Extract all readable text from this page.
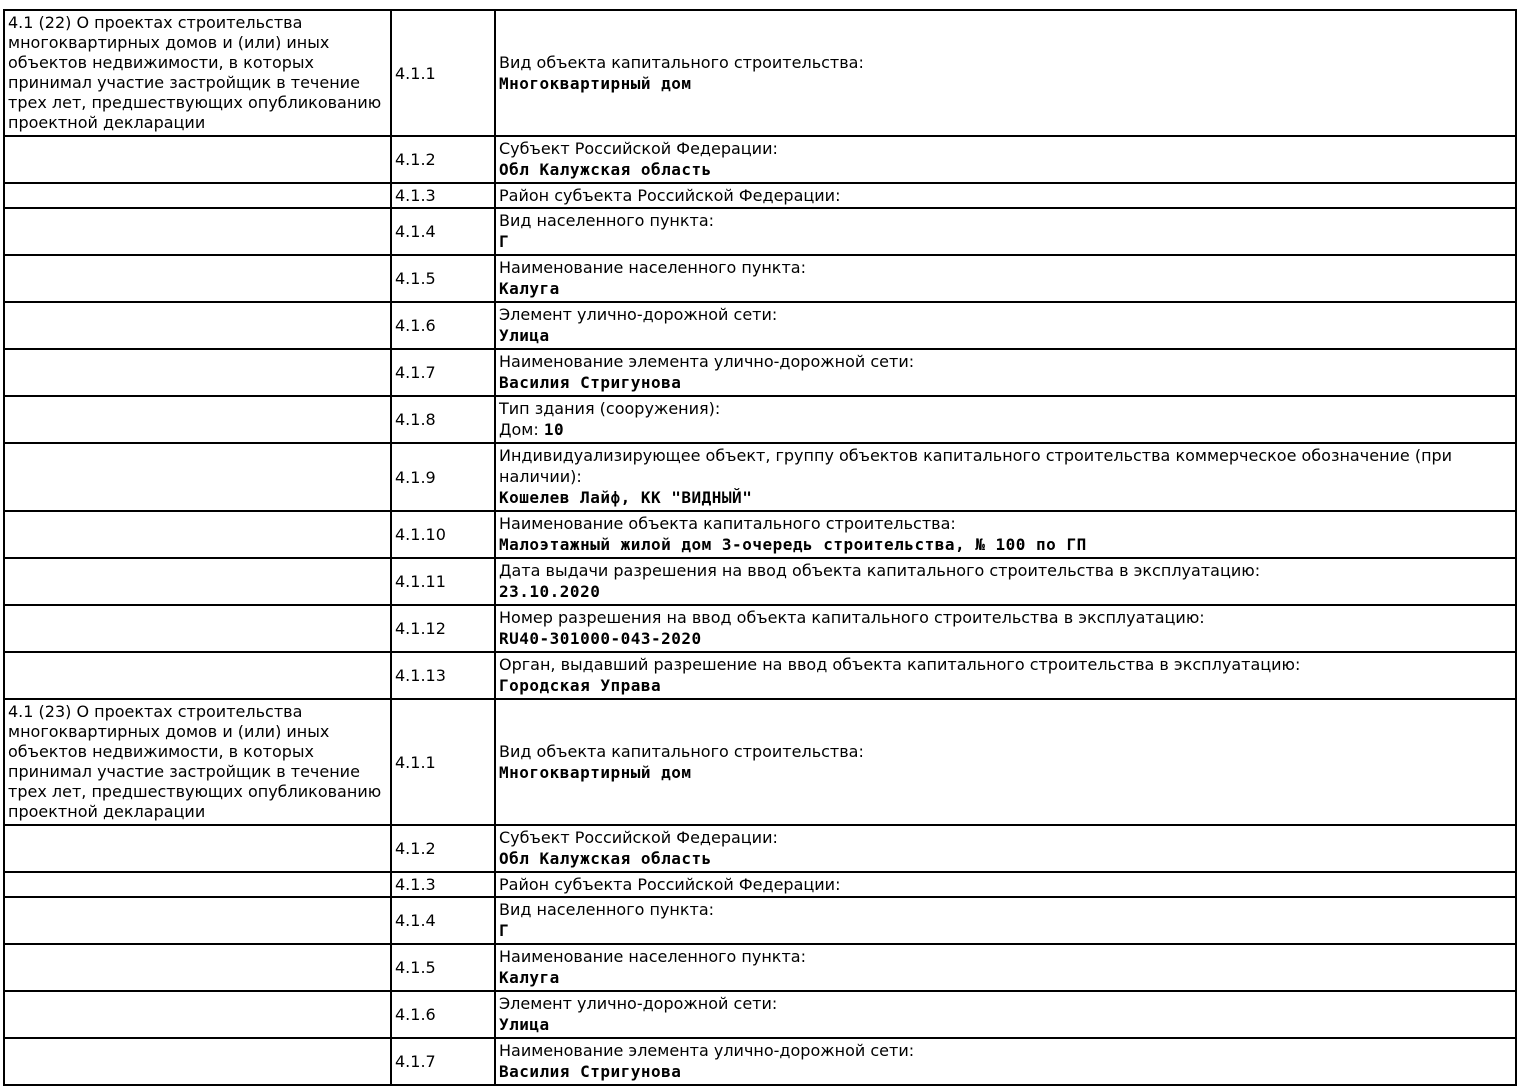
4.1 (22) О проектах строительства многоквартирных домов и (или) иных объектов недвижимости, в которых принимал участие застройщик в течение трех лет, предшествующих опубликованию проектной декларации	4.1.1	Вид объекта капитального строительства:
Многоквартирный дом

	4.1.2	Субъект Российской Федерации:
Обл Калужская область

	4.1.3	Район субъекта Российской Федерации:

	4.1.4	Вид населенного пункта:
Г

	4.1.5	Наименование населенного пункта:
Калуга

	4.1.6	Элемент улично-дорожной сети:
Улица

	4.1.7	Наименование элемента улично-дорожной сети:
Василия Стригунова

	4.1.8	Тип здания (сооружения):
Дом: 10

	4.1.9	Индивидуализирующее объект, группу объектов капитального строительства коммерческое обозначение (при наличии):
Кошелев Лайф, КК "ВИДНЫЙ"

	4.1.10	Наименование объекта капитального строительства:
Малоэтажный жилой дом 3-очередь строительства, № 100 по ГП

	4.1.11	Дата выдачи разрешения на ввод объекта капитального строительства в эксплуатацию:
23.10.2020

	4.1.12	Номер разрешения на ввод объекта капитального строительства в эксплуатацию:
RU40-301000-043-2020

	4.1.13	Орган, выдавший разрешение на ввод объекта капитального строительства в эксплуатацию:
Городская Управа

4.1 (23) О проектах строительства многоквартирных домов и (или) иных объектов недвижимости, в которых принимал участие застройщик в течение трех лет, предшествующих опубликованию проектной декларации	4.1.1	Вид объекта капитального строительства:
Многоквартирный дом

	4.1.2	Субъект Российской Федерации:
Обл Калужская область

	4.1.3	Район субъекта Российской Федерации:

	4.1.4	Вид населенного пункта:
Г

	4.1.5	Наименование населенного пункта:
Калуга

	4.1.6	Элемент улично-дорожной сети:
Улица

	4.1.7	Наименование элемента улично-дорожной сети:
Василия Стригунова
